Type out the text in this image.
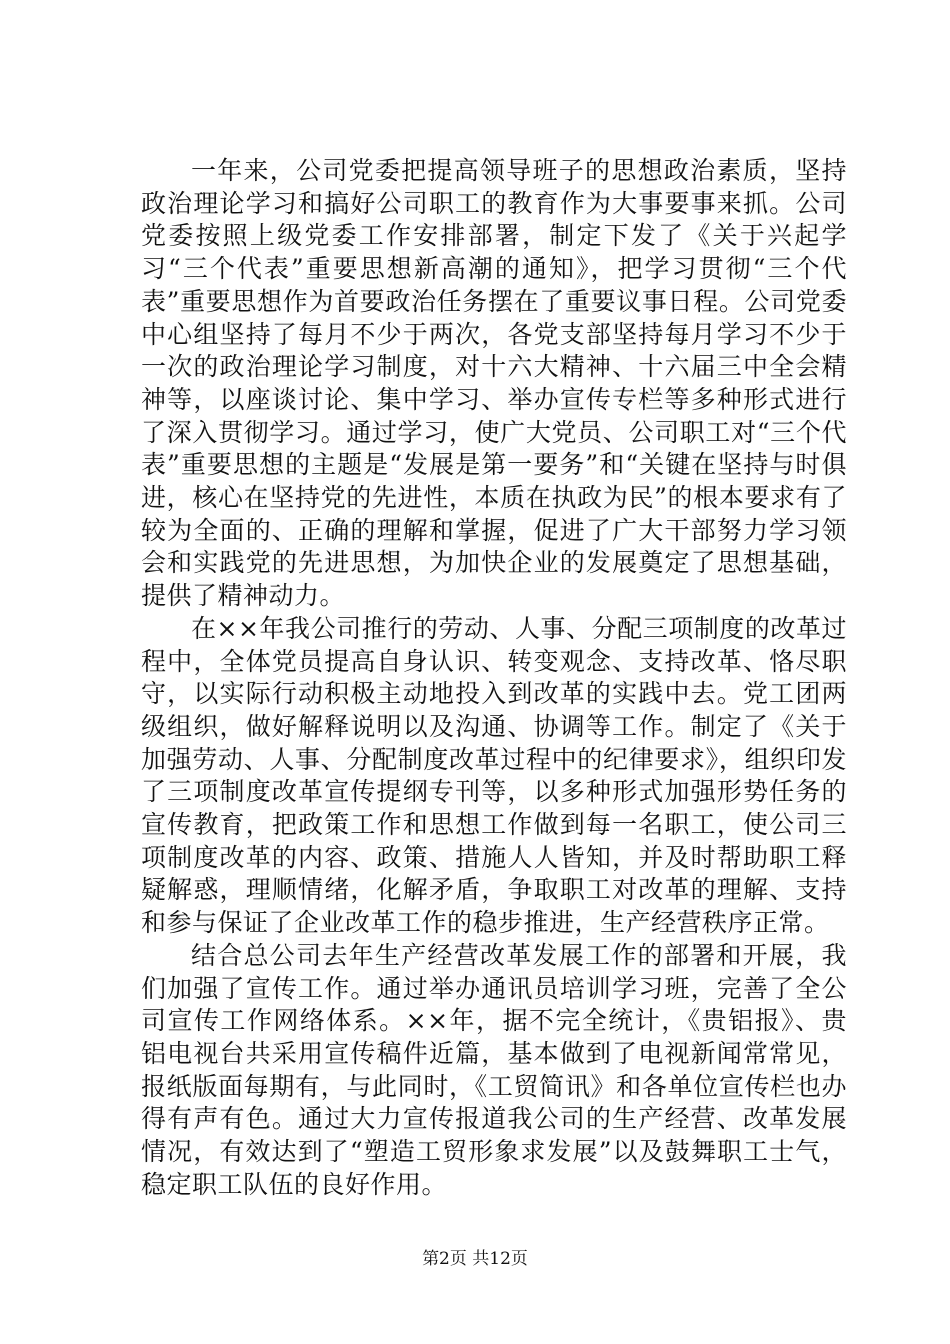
一年来，公司党委把提高领导班子的思想政治素质，坚持政治理论学习和搞好公司职工的教育作为大事要事来抓。公司党委按照上级党委工作安排部署，制定下发了《关于兴起学习“三个代表”重要思想新高潮的通知》，把学习贯彻“三个代表”重要思想作为首要政治任务摆在了重要议事日程。公司党委中心组坚持了每月不少于两次，各党支部坚持每月学习不少于一次的政治理论学习制度，对十六大精神、十六届三中全会精神等，以座谈讨论、集中学习、举办宣传专栏等多种形式进行了深入贯彻学习。通过学习，使广大党员、公司职工对“三个代表”重要思想的主题是“发展是第一要务”和“关键在坚持与时俱进，核心在坚持党的先进性，本质在执政为民”的根本要求有了较为全面的、正确的理解和掌握，促进了广大干部努力学习领会和实践党的先进思想，为加快企业的发展奠定了思想基础，提供了精神动力。

在××年我公司推行的劳动、人事、分配三项制度的改革过程中，全体党员提高自身认识、转变观念、支持改革、恪尽职守，以实际行动积极主动地投入到改革的实践中去。党工团两级组织，做好解释说明以及沟通、协调等工作。制定了《关于加强劳动、人事、分配制度改革过程中的纪律要求》，组织印发了三项制度改革宣传提纲专刊等，以多种形式加强形势任务的宣传教育，把政策工作和思想工作做到每一名职工，使公司三项制度改革的内容、政策、措施人人皆知，并及时帮助职工释疑解惑，理顺情绪，化解矛盾，争取职工对改革的理解、支持和参与保证了企业改革工作的稳步推进，生产经营秩序正常。

结合总公司去年生产经营改革发展工作的部署和开展，我们加强了宣传工作。通过举办通讯员培训学习班，完善了全公司宣传工作网络体系。××年，据不完全统计，《贵铝报》、贵铝电视台共采用宣传稿件近篇，基本做到了电视新闻常常见，报纸版面每期有，与此同时，《工贸简讯》和各单位宣传栏也办得有声有色。通过大力宣传报道我公司的生产经营、改革发展情况，有效达到了“塑造工贸形象求发展”以及鼓舞职工士气，稳定职工队伍的良好作用。

第2页 共12页
